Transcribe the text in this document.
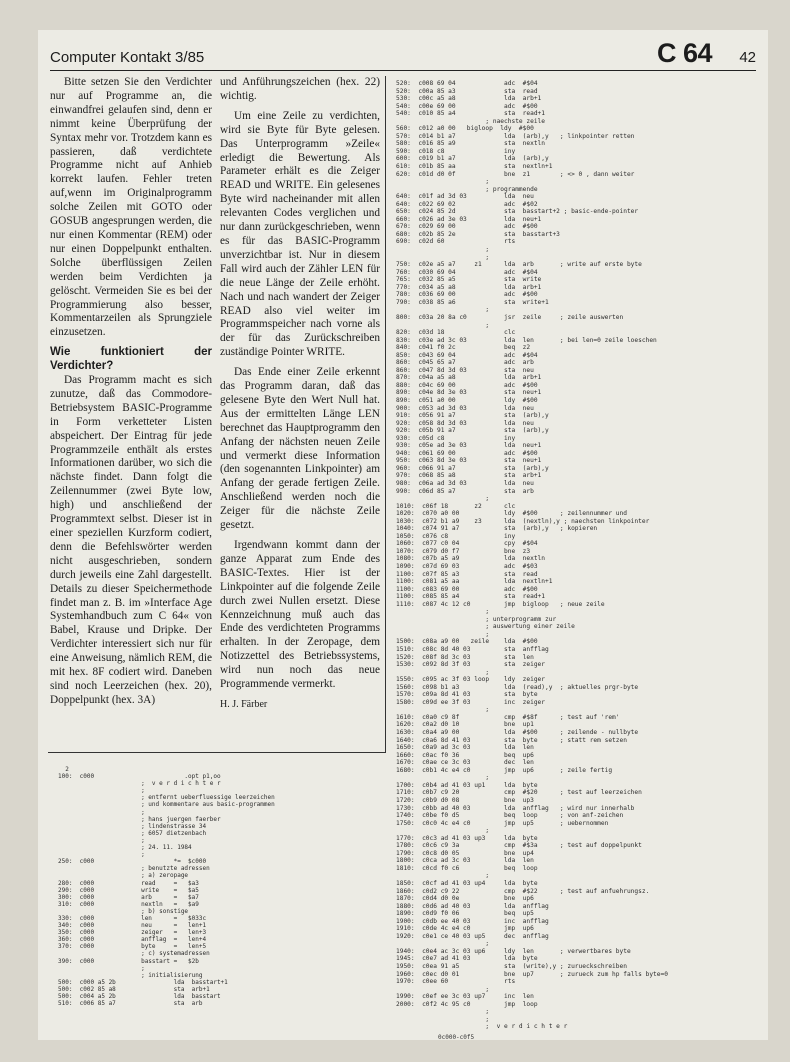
Computer Kontakt 3/85	C 64 42

Bitte setzen Sie den Verdichter nur auf Programme an, die einwandfrei gelaufen sind, denn er nimmt keine Überprüfung der Syntax mehr vor. Trotzdem kann es passieren, daß verdichtete Programme nicht auf Anhieb korrekt laufen. Fehler treten auf,wenn im Originalprogramm solche Zeilen mit GOTO oder GOSUB angesprungen werden, die nur einen Kommentar (REM) oder nur einen Doppelpunkt enthalten. Solche überflüssigen Zeilen werden beim Verdichten ja gelöscht. Vermeiden Sie es bei der Programmierung also besser, Kommentarzeilen als Sprungziele einzusetzen.

Wie funktioniert der Verdichter?

Das Programm macht es sich zunutze, daß das Commodore-Betriebsystem BASIC-Programme in Form verketteter Listen abspeichert. Der Eintrag für jede Programmzeile enthält als erstes Informationen darüber, wo sich die nächste findet. Dann folgt die Zeilennummer (zwei Byte low, high) und anschließend der Programmtext selbst. Dieser ist in einer speziellen Kurzform codiert, denn die Befehlswörter werden nicht ausgeschrieben, sondern durch jeweils eine Zahl dargestellt. Details zu dieser Speichermethode findet man z. B. im »Interface Age Systemhandbuch zum C 64« von Babel, Krause und Dripke. Der Verdichter interessiert sich nur für eine Anweisung, nämlich REM, die mit hex. 8F codiert wird. Daneben sind noch Leerzeichen (hex. 20), Doppelpunkt (hex. 3A)

und Anführungszeichen (hex. 22) wichtig.

Um eine Zeile zu verdichten, wird sie Byte für Byte gelesen. Das Unterprogramm »Zeile« erledigt die Bewertung. Als Parameter erhält es die Zeiger READ und WRITE. Ein gelesenes Byte wird nacheinander mit allen relevanten Codes verglichen und nur dann zurückgeschrieben, wenn es für das BASIC-Programm unverzichtbar ist. Nur in diesem Fall wird auch der Zähler LEN für die neue Länge der Zeile erhöht. Nach und nach wandert der Zeiger READ also viel weiter im Programmspeicher nach vorne als der für das Zurückschreiben zuständige Pointer WRITE.

Das Ende einer Zeile erkennt das Programm daran, daß das gelesene Byte den Wert Null hat. Aus der ermittelten Länge LEN berechnet das Hauptprogramm den Anfang der nächsten neuen Zeile und vermerkt diese Information (den sogenannten Linkpointer) am Anfang der gerade fertigen Zeile. Anschließend werden noch die Zeiger für die nächste Zeile gesetzt.

Irgendwann kommt dann der ganze Apparat zum Ende des BASIC-Textes. Hier ist der Linkpointer auf die folgende Zeile durch zwei Nullen ersetzt. Diese Kennzeichnung muß auch das Ende des verdichteten Programms erhalten. In der Zeropage, dem Notizzettel des Betriebssystems, wird nun noch das neue Programmende vermerkt.

H. J. Färber

2
100:  c000                         .opt p1,oo
;  v e r d i c h t e r
;
; entfernt ueberfluessige leerzeichen
; und kommentare aus basic-programmen
;
; hans juergen faerber
; lindenstrasse 34
; 6057 dietzenbach
;
; 24. 11. 1984
;
250:  c000                      *=  $c000
; benutzte adressen
; a) zeropage
280:  c000             read     =   $a3
290:  c000             write    =   $a5
300:  c000             arb      =   $a7
310:  c000             nextln   =   $a9
; b) sonstige
330:  c000             len      =   $033c
340:  c000             neu      =   len+1
350:  c000             zeiger   =   len+3
360:  c000             anfflag  =   len+4
370:  c000             byte     =   len+5
; c) systemadressen
390:  c000             basstart =   $2b
;
; initialisierung
500:  c000 a5 2b                lda  basstart+1
500:  c002 85 a8                sta  arb+1
500:  c004 a5 2b                lda  basstart
510:  c006 85 a7                sta  arb
520:  c008 69 04             adc  #$04
520:  c00a 85 a3             sta  read
530:  c00c a5 a8             lda  arb+1
540:  c00e 69 00             adc  #$00
540:  c010 85 a4             sta  read+1
; naechste zeile
560:  c012 a0 00   bigloop  ldy  #$00
570:  c014 b1 a7             lda  (arb),y   ; linkpointer retten
580:  c016 85 a9             sta  nextln
590:  c018 c8                iny
600:  c019 b1 a7             lda  (arb),y
610:  c01b 85 aa             sta  nextln+1
620:  c01d d0 0f             bne  z1        ; <> 0 , dann weiter
;
; programmende
640:  c01f ad 3d 03          lda  neu
640:  c022 69 02             adc  #$02
650:  c024 85 2d             sta  basstart+2 ; basic-ende-pointer
660:  c026 ad 3e 03          lda  neu+1
670:  c029 69 00             adc  #$00
680:  c02b 85 2e             sta  basstart+3
690:  c02d 60                rts
;
;
750:  c02e a5 a7     z1      lda  arb       ; write auf erste byte
760:  c030 69 04             adc  #$04
765:  c032 85 a5             sta  write
770:  c034 a5 a8             lda  arb+1
780:  c036 69 00             adc  #$00
790:  c038 85 a6             sta  write+1
;
800:  c03a 20 8a c0          jsr  zeile     ; zeile auswerten
;
820:  c03d 18                clc
830:  c03e ad 3c 03          lda  len       ; bei len=0 zeile loeschen
840:  c041 f0 2c             beq  z2
850:  c043 69 04             adc  #$04
860:  c045 65 a7             adc  arb
860:  c047 8d 3d 03          sta  neu
870:  c04a a5 a8             lda  arb+1
880:  c04c 69 00             adc  #$00
890:  c04e 8d 3e 03          sta  neu+1
890:  c051 a0 00             ldy  #$00
900:  c053 ad 3d 03          lda  neu
910:  c056 91 a7             sta  (arb),y
920:  c058 8d 3d 03          lda  neu
920:  c05b 91 a7             sta  (arb),y
930:  c05d c8                iny
930:  c05e ad 3e 03          lda  neu+1
940:  c061 69 00             adc  #$00
950:  c063 8d 3e 03          sta  neu+1
960:  c066 91 a7             sta  (arb),y
970:  c068 85 a8             sta  arb+1
980:  c06a ad 3d 03          lda  neu
990:  c06d 85 a7             sta  arb
;
1010:  c06f 18       z2      clc
1020:  c070 a0 00            ldy  #$00      ; zeilennummer und
1030:  c072 b1 a9    z3      lda  (nextln),y ; naechsten linkpointer
1040:  c074 91 a7            sta  (arb),y   ; kopieren
1050:  c076 c8               iny
1060:  c077 c0 04            cpy  #$04
1070:  c079 d0 f7            bne  z3
1080:  c07b a5 a9            lda  nextln
1090:  c07d 69 03            adc  #$03
1100:  c07f 85 a3            sta  read
1100:  c081 a5 aa            lda  nextln+1
1100:  c083 69 00            adc  #$00
1100:  c085 85 a4            sta  read+1
1110:  c087 4c 12 c0         jmp  bigloop   ; neue zeile
;
; unterprogramm zur
; auswertung einer zeile
;
1500:  c08a a9 00   zeile    lda  #$00
1510:  c08c 8d 40 03         sta  anfflag
1520:  c08f 8d 3c 03         sta  len
1530:  c092 8d 3f 03         sta  zeiger
;
1550:  c095 ac 3f 03 loop    ldy  zeiger
1560:  c098 b1 a3            lda  (read),y  ; aktuelles prgr-byte
1570:  c09a 8d 41 03         sta  byte
1580:  c09d ee 3f 03         inc  zeiger
;
1610:  c0a0 c9 8f            cmp  #$8f      ; test auf 'rem'
1620:  c0a2 d0 10            bne  up1
1630:  c0a4 a9 00            lda  #$00      ; zeilende - nullbyte
1640:  c0a6 8d 41 03         sta  byte      ; statt rem setzen
1650:  c0a9 ad 3c 03         lda  len
1660:  c0ac f0 36            beq  up6
1670:  c0ae ce 3c 03         dec  len
1680:  c0b1 4c e4 c0         jmp  up6       ; zeile fertig
;
1700:  c0b4 ad 41 03 up1     lda  byte
1710:  c0b7 c9 20            cmp  #$20      ; test auf leerzeichen
1720:  c0b9 d0 08            bne  up3
1730:  c0bb ad 40 03         lda  anfflag   ; wird nur innerhalb
1740:  c0be f0 d5            beq  loop      ; von anf-zeichen
1750:  c0c0 4c e4 c0         jmp  up5       ; uebernommen
;
1770:  c0c3 ad 41 03 up3     lda  byte
1780:  c0c6 c9 3a            cmp  #$3a      ; test auf doppelpunkt
1790:  c0c8 d0 05            bne  up4
1800:  c0ca ad 3c 03         lda  len
1810:  c0cd f0 c6            beq  loop
;
1850:  c0cf ad 41 03 up4     lda  byte
1860:  c0d2 c9 22            cmp  #$22      ; test auf anfuehrungsz.
1870:  c0d4 d0 0e            bne  up6
1880:  c0d6 ad 40 03         lda  anfflag
1890:  c0d9 f0 06            beq  up5
1900:  c0db ee 40 03         inc  anfflag
1910:  c0de 4c e4 c0         jmp  up6
1920:  c0e1 ce 40 03 up5     dec  anfflag
;
1940:  c0e4 ac 3c 03 up6     ldy  len       ; verwertbares byte
1945:  c0e7 ad 41 03         lda  byte
1950:  c0ea 91 a5            sta  (write),y ; zurueckschreiben
1960:  c0ec d0 01            bne  up7       ; zurueck zum hp falls byte=0
1970:  c0ee 60               rts
;
1990:  c0ef ee 3c 03 up7     inc  len
2000:  c0f2 4c 95 c0         jmp  loop
;
;
;  v e r d i c h t e r
0c000-c0f5
